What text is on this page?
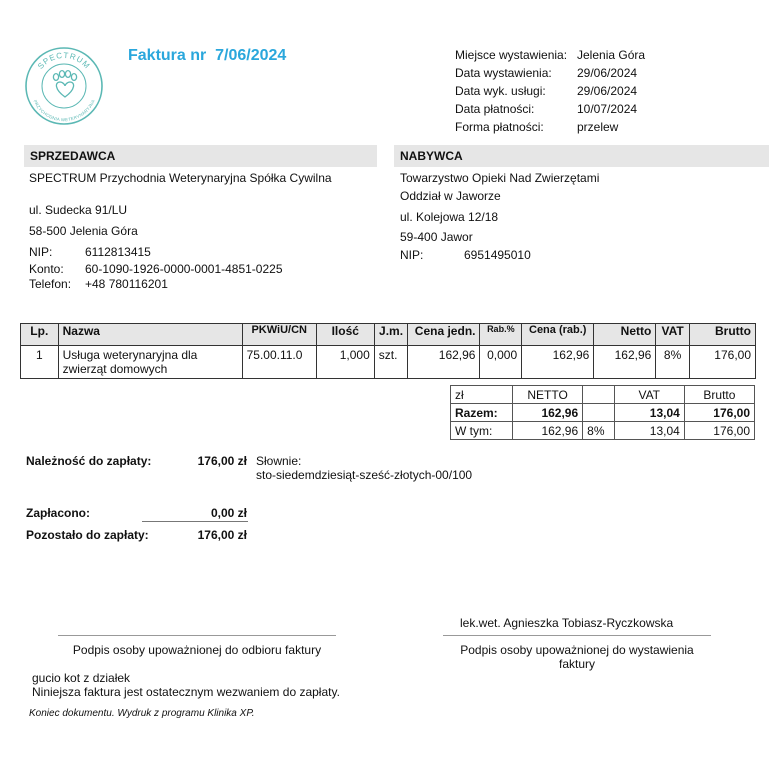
SPECTRUM
PRZYCHODNIA WETERYNARYJNA
Faktura nr 7/06/2024	Miejsce wystawienia: Jelenia Góra
Data wystawienia: 29/06/2024
Data wyk. usługi:	29/06/2024
Data płatności:	10/07/2024
Forma płatności:	przelew
SPRZEDAWCA
SPECTRUM Przychodnia Weterynaryjna Spółka Cywilna
ul. Sudecka 91/LU
58-500 Jelenia Góra
NIP:	6112813415
Konto: 60-1090-1926-0000-0001-4851-0225
Telefon: +48 780116201
NABYWCA
Towarzystwo Opieki Nad Zwierzętami
Oddział w Jaworze
ul. Kolejowa 12/18
59-400 Jawor
NIP:	6951495010
Lp.	Nazwa	PKWiU/CN	Ilość	J.m.	Cena jedn.	Rab.%	Cena (rab.)	Netto	VAT	Brutto
1	Usługa weterynaryjna dla zwierząt domowych	75.00.11.0	1,000	szt.	162,96	0,000	162,96	162,96	8%	176,00
zł	NETTO		VAT	Brutto
Razem:	162,96		13,04	176,00
W tym:	162,96	8%	13,04	176,00
Należność do zapłaty:	176,00 zł Słownie:
sto-siedemdziesiąt-sześć-złotych-00/100
Zapłacono:	0,00 zł
Pozostało do zapłaty:	176,00 zł
lek.wet. Agnieszka Tobiasz-Ryczkowska
Podpis osoby upoważnionej do odbioru faktury	Podpis osoby upoważnionej do wystawienia faktury
gucio kot z działek
Niniejsza faktura jest ostatecznym wezwaniem do zapłaty.
Koniec dokumentu. Wydruk z programu Klinika XP.
